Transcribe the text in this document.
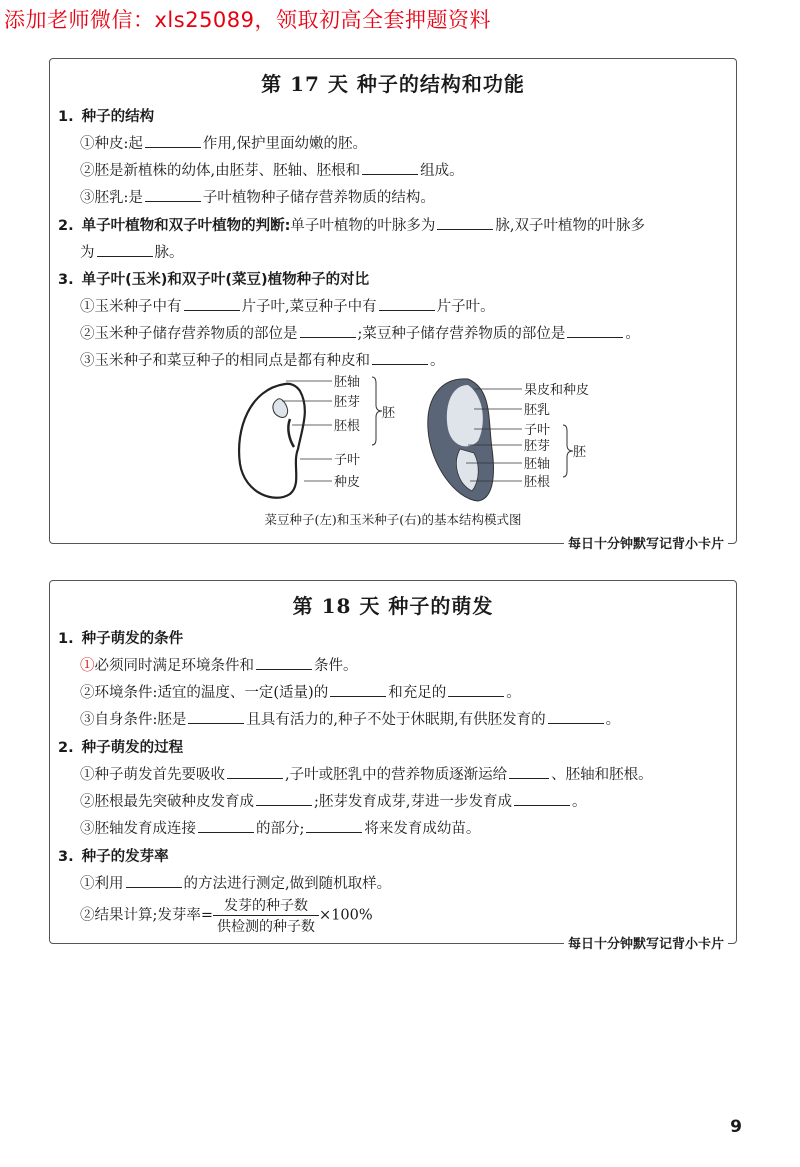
添加老师微信：xls25089，领取初高全套押题资料
第 17 天 种子的结构和功能
1. 种子的结构
①种皮:起	作用,保护里面幼嫩的胚。
②胚是新植株的幼体,由胚芽、胚轴、胚根和	组成。
③胚乳:是	子叶植物种子储存营养物质的结构。
2. 单子叶植物和双子叶植物的判断:单子叶植物的叶脉多为	脉,双子叶植物的叶脉多
为	脉。
3. 单子叶(玉米)和双子叶(菜豆)植物种子的对比
①玉米种子中有	片子叶,菜豆种子中有	片子叶。
②玉米种子储存营养物质的部位是	;菜豆种子储存营养物质的部位是	。
③玉米种子和菜豆种子的相同点是都有种皮和	。
胚轴
胚芽
胚根
子叶
种皮
胚
果皮和种皮
胚乳
子叶
胚芽
胚轴
胚根
胚
菜豆种子(左)和玉米种子(右)的基本结构模式图
每日十分钟默写记背小卡片
第 18 天 种子的萌发
1. 种子萌发的条件
①必须同时满足环境条件和	条件。
②环境条件:适宜的温度、一定(适量)的	和充足的	。
③自身条件:胚是	且具有活力的,种子不处于休眠期,有供胚发育的	。
2. 种子萌发的过程
①种子萌发首先要吸收	,子叶或胚乳中的营养物质逐渐运给	、胚轴和胚根。
②胚根最先突破种皮发育成	;胚芽发育成芽,芽进一步发育成	。
③胚轴发育成连接	的部分;	将来发育成幼苗。
3. 种子的发芽率
①利用	的方法进行测定,做到随机取样。
②结果计算;发芽率= $\frac{\text{发芽的种子数}}{\text{供检测的种子数}} \times 100\%$
每日十分钟默写记背小卡片
9
